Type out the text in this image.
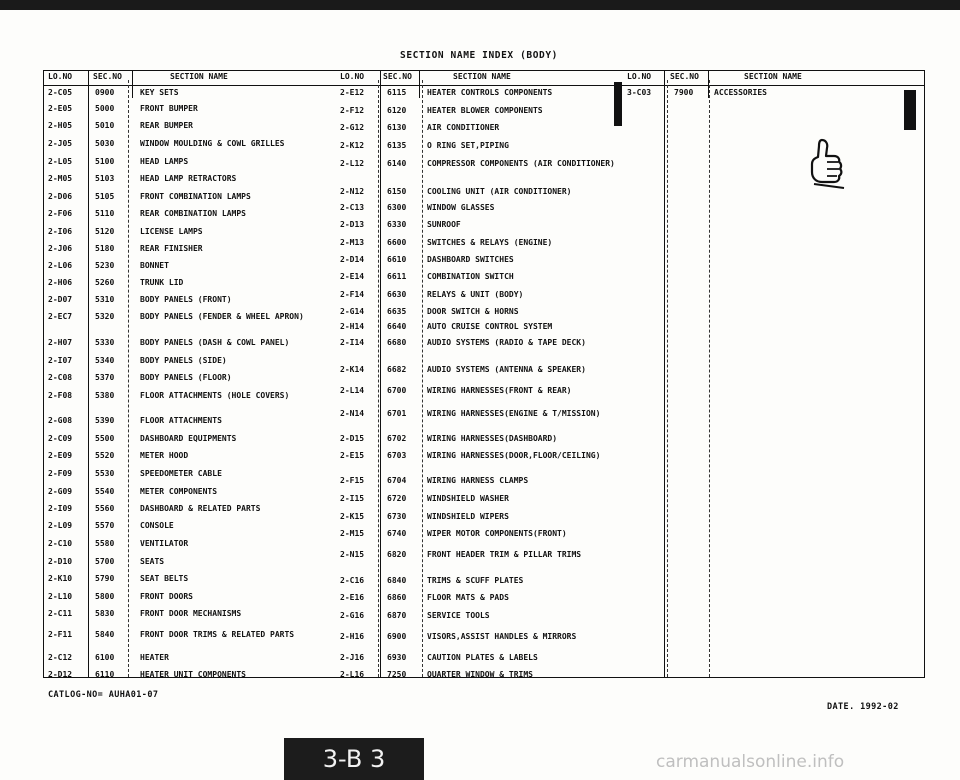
SECTION NAME INDEX (BODY)
LO.NO	SEC.NO	SECTION NAME
2-C05	0900	KEY SETS
2-E05	5000	FRONT BUMPER
2-H05	5010	REAR BUMPER
2-J05	5030	WINDOW MOULDING & COWL GRILLES
2-L05	5100	HEAD LAMPS
2-M05	5103	HEAD LAMP RETRACTORS
2-D06	5105	FRONT COMBINATION LAMPS
2-F06	5110	REAR COMBINATION LAMPS
2-I06	5120	LICENSE LAMPS
2-J06	5180	REAR FINISHER
2-L06	5230	BONNET
2-H06	5260	TRUNK LID
2-D07	5310	BODY PANELS (FRONT)
2-EC7	5320	BODY PANELS (FENDER & WHEEL APRON)
2-H07	5330	BODY PANELS (DASH & COWL PANEL)
2-I07	5340	BODY PANELS (SIDE)
2-C08	5370	BODY PANELS (FLOOR)
2-F08	5380	FLOOR ATTACHMENTS (HOLE COVERS)
2-G08	5390	FLOOR ATTACHMENTS
2-C09	5500	DASHBOARD EQUIPMENTS
2-E09	5520	METER HOOD
2-F09	5530	SPEEDOMETER CABLE
2-G09	5540	METER COMPONENTS
2-I09	5560	DASHBOARD & RELATED PARTS
2-L09	5570	CONSOLE
2-C10	5580	VENTILATOR
2-D10	5700	SEATS
2-K10	5790	SEAT BELTS
2-L10	5800	FRONT DOORS
2-C11	5830	FRONT DOOR MECHANISMS
2-F11	5840	FRONT DOOR TRIMS & RELATED PARTS
2-C12	6100	HEATER
2-D12	6110	HEATER UNIT COMPONENTS
LO.NO SEC.NO	SECTION NAME
2-E12	6115	HEATER CONTROLS COMPONENTS
2-F12	6120	HEATER BLOWER COMPONENTS
2-G12	6130	AIR CONDITIONER
2-K12	6135	O RING SET,PIPING
2-L12	6140	COMPRESSOR COMPONENTS (AIR CONDITIONER)
2-N12	6150	COOLING UNIT (AIR CONDITIONER)
2-C13	6300	WINDOW GLASSES
2-D13	6330	SUNROOF
2-M13	6600	SWITCHES & RELAYS (ENGINE)
2-D14	6610	DASHBOARD SWITCHES
2-E14	6611	COMBINATION SWITCH
2-F14	6630	RELAYS & UNIT (BODY)
2-G14	6635	DOOR SWITCH & HORNS
2-H14	6640	AUTO CRUISE CONTROL SYSTEM
2-I14	6680	AUDIO SYSTEMS (RADIO & TAPE DECK)
2-K14	6682	AUDIO SYSTEMS (ANTENNA & SPEAKER)
2-L14	6700	WIRING HARNESSES(FRONT & REAR)
2-N14	6701	WIRING HARNESSES(ENGINE & T/MISSION)
2-D15	6702	WIRING HARNESSES(DASHBOARD)
2-E15	6703	WIRING HARNESSES(DOOR,FLOOR/CEILING)
2-F15	6704	WIRING HARNESS CLAMPS
2-I15	6720	WINDSHIELD WASHER
2-K15	6730	WINDSHIELD WIPERS
2-M15	6740	WIPER MOTOR COMPONENTS(FRONT)
2-N15	6820	FRONT HEADER TRIM & PILLAR TRIMS
2-C16	6840	TRIMS & SCUFF PLATES
2-E16	6860	FLOOR MATS & PADS
2-G16	6870	SERVICE TOOLS
2-H16	6900	VISORS,ASSIST HANDLES & MIRRORS
2-J16	6930	CAUTION PLATES & LABELS
2-L16	7250	QUARTER WINDOW & TRIMS
LO.NO SEC.NO	SECTION NAME
3-C03	7900	ACCESSORIES
CATLOG-NO= AUHA01-07
DATE. 1992-02
3-B 3	carmanualsonline.info
